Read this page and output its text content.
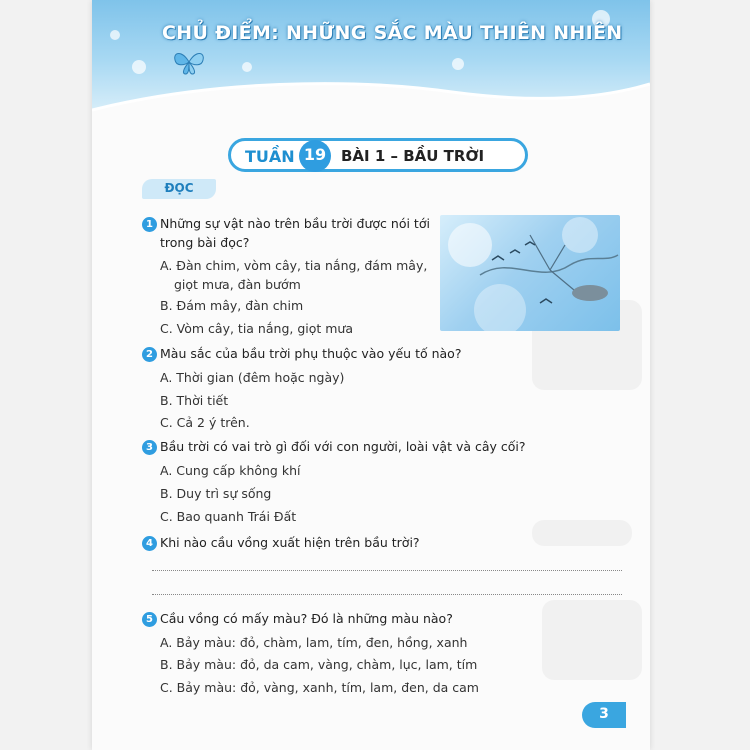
CHỦ ĐIỂM: NHỮNG SẮC MÀU THIÊN NHIÊN
TUẦN 19 BÀI 1 – BẦU TRỜI
ĐỌC
1 Những sự vật nào trên bầu trời được nói tới
trong bài đọc?
A. Đàn chim, vòm cây, tia nắng, đám mây,
giọt mưa, đàn bướm
B. Đám mây, đàn chim
C. Vòm cây, tia nắng, giọt mưa
2 Màu sắc của bầu trời phụ thuộc vào yếu tố nào?
A. Thời gian (đêm hoặc ngày)
B. Thời tiết
C. Cả 2 ý trên.
3 Bầu trời có vai trò gì đối với con người, loài vật và cây cối?
A. Cung cấp không khí
B. Duy trì sự sống
C. Bao quanh Trái Đất
4 Khi nào cầu vồng xuất hiện trên bầu trời?
5 Cầu vồng có mấy màu? Đó là những màu nào?
A. Bảy màu: đỏ, chàm, lam, tím, đen, hồng, xanh
B. Bảy màu: đỏ, da cam, vàng, chàm, lục, lam, tím
C. Bảy màu: đỏ, vàng, xanh, tím, lam, đen, da cam
3
